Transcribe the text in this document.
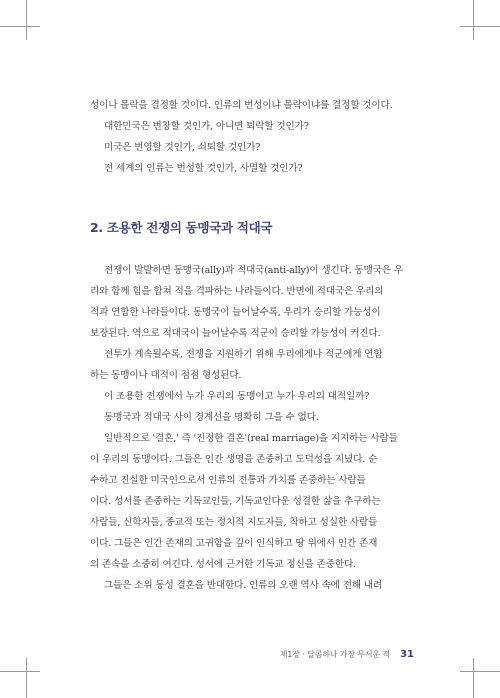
성이나 몰락을 결정할 것이다. 인류의 번성이냐 몰락이냐를 결정할 것이다.
대한민국은 번창할 것인가, 아니면 퇴락할 것인가?
미국은 번영할 것인가, 쇠퇴할 것인가?
전 세계의 인류는 번성할 것인가, 사멸할 것인가?
2. 조용한 전쟁의 동맹국과 적대국
전쟁이 발발하면 동맹국(ally)과 적대국(anti-ally)이 생긴다. 동맹국은 우
리와 함께 힘을 합쳐 적을 격파하는 나라들이다. 반면에 적대국은 우리의
적과 연합한 나라들이다. 동맹국이 늘어날수록, 우리가 승리할 가능성이
보장된다. 역으로 적대국이 늘어날수록 적군이 승리할 가능성이 커진다.
전투가 계속될수록, 전쟁을 지원하기 위해 우리에게나 적군에게 연합
하는 동맹이나 대적이 점점 형성된다.
이 조용한 전쟁에서 누가 우리의 동맹이고 누가 우리의 대적일까?
동맹국과 적대국 사이 경계선을 명확히 그을 수 없다.
일반적으로 '결혼,' 즉 '진정한 결혼'(real marriage)을 지지하는 사람들
이 우리의 동맹이다. 그들은 인간 생명을 존중하고 도덕성을 지녔다. 순
수하고 진실한 미국인으로서 인류의 전통과 가치를 존중하는 사람들
이다. 성서를 존중하는 기독교인들, 기독교인다운 성결한 삶을 추구하는
사람들, 신학자들, 종교적 또는 정치적 지도자들, 착하고 성실한 사람들
이다. 그들은 인간 존재의 고귀함을 깊이 인식하고 땅 위에서 인간 존재
의 존속을 소중히 여긴다. 성서에 근거한 기독교 정신을 존중한다.
그들은 소위 동성 결혼을 반대한다. 인류의 오랜 역사 속에 전해 내려
제1장 · 달콤하나 가장 무서운 적 31
